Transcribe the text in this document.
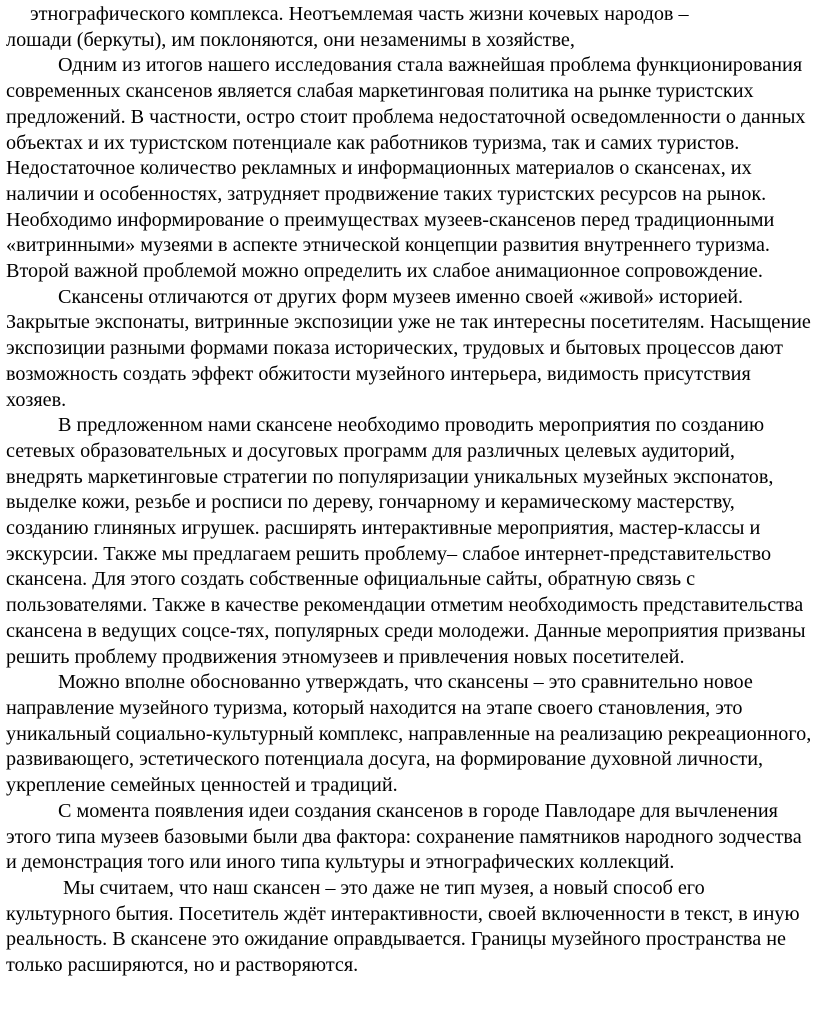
этнографического комплекса. Неотъемлемая часть жизни кочевых народов –
лошади (беркуты), им поклоняются, они незаменимы в хозяйстве,

Одним из итогов нашего исследования стала важнейшая проблема функционирования современных скансенов является слабая маркетинговая политика на рынке туристских предложений. В частности, остро стоит проблема недостаточной осведомленности о данных объектах и их туристском потенциале как работников туризма, так и самих туристов. Недостаточное количество рекламных и информационных материалов о скансенах, их наличии и особенностях, затрудняет продвижение таких туристских ресурсов на рынок. Необходимо информирование о преимуществах музеев-скансенов перед традиционными «витринными» музеями в аспекте этнической концепции развития внутреннего туризма. Второй важной проблемой можно определить их слабое анимационное сопровождение.

Скансены отличаются от других форм музеев именно своей «живой» историей. Закрытые экспонаты, витринные экспозиции уже не так интересны посетителям. Насыщение экспозиции разными формами показа исторических, трудовых и бытовых процессов дают возможность создать эффект обжитости музейного интерьера, видимость присутствия хозяев.

В предложенном нами скансене необходимо проводить мероприятия по созданию сетевых образовательных и досуговых программ для различных целевых аудиторий, внедрять маркетинговые стратегии по популяризации уникальных музейных экспонатов, выделке кожи, резьбе и росписи по дереву, гончарному и керамическому мастерству, созданию глиняных игрушек. расширять интерактивные мероприятия, мастер-классы и экскурсии. Также мы предлагаем решить проблему– слабое интернет-представительство скансена. Для этого создать собственные официальные сайты, обратную связь с пользователями. Также в качестве рекомендации отметим необходимость представительства скансена в ведущих соцсе-тях, популярных среди молодежи. Данные мероприятия призваны решить проблему продвижения этномузеев и привлечения новых посетителей.

Можно вполне обоснованно утверждать, что скансены – это сравнительно новое направление музейного туризма, который находится на этапе своего становления, это уникальный социально-культурный комплекс, направленные на реализацию рекреационного, развивающего, эстетического потенциала досуга, на формирование духовной личности, укрепление семейных ценностей и традиций.

С момента появления идеи создания скансенов в городе Павлодаре для вычленения этого типа музеев базовыми были два фактора: сохранение памятников народного зодчества и демонстрация того или иного типа культуры и этнографических коллекций.

Мы считаем, что наш скансен – это даже не тип музея, а новый способ его культурного бытия. Посетитель ждёт интерактивности, своей включенности в текст, в иную реальность. В скансене это ожидание оправдывается. Границы музейного пространства не только расширяются, но и растворяются.
